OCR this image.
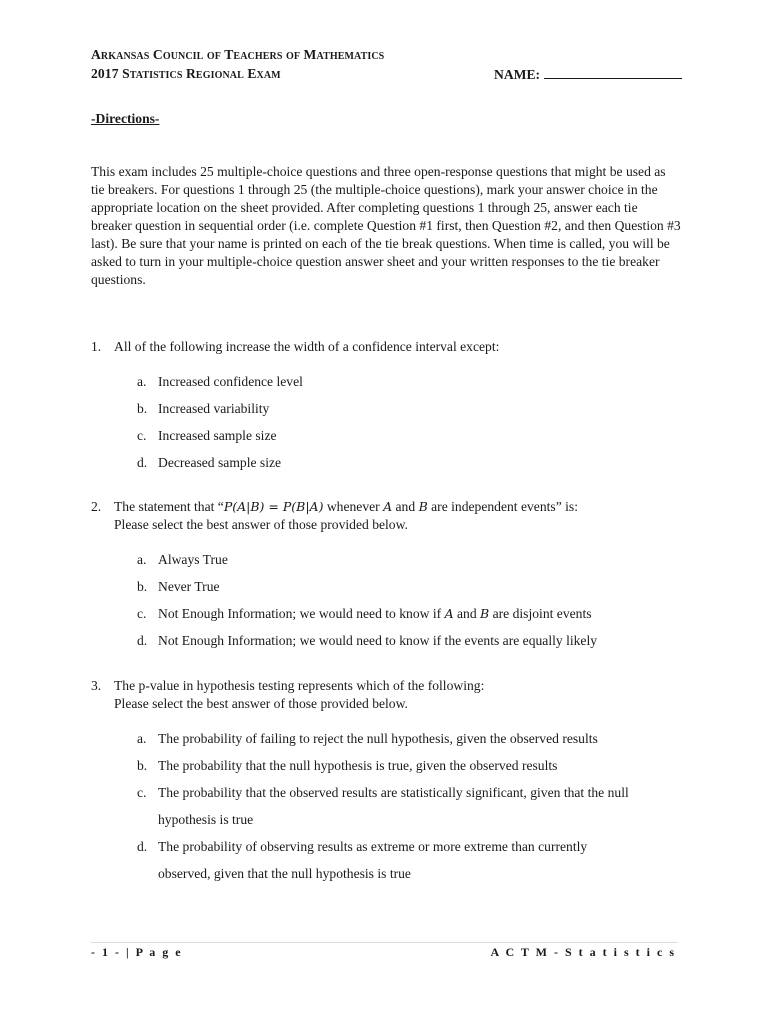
Arkansas Council of Teachers of Mathematics
2017 Statistics Regional Exam	NAME:
-Directions-
This exam includes 25 multiple-choice questions and three open-response questions that might be used as tie breakers. For questions 1 through 25 (the multiple-choice questions), mark your answer choice in the appropriate location on the sheet provided. After completing questions 1 through 25, answer each tie breaker question in sequential order (i.e. complete Question #1 first, then Question #2, and then Question #3 last). Be sure that your name is printed on each of the tie break questions. When time is called, you will be asked to turn in your multiple-choice question answer sheet and your written responses to the tie breaker questions.
1. All of the following increase the width of a confidence interval except:
a. Increased confidence level
b. Increased variability
c. Increased sample size
d. Decreased sample size
2. The statement that “P(A|B) = P(B|A) whenever A and B are independent events” is:
Please select the best answer of those provided below.
a. Always True
b. Never True
c. Not Enough Information; we would need to know if A and B are disjoint events
d. Not Enough Information; we would need to know if the events are equally likely
3. The p-value in hypothesis testing represents which of the following:
Please select the best answer of those provided below.
a. The probability of failing to reject the null hypothesis, given the observed results
b. The probability that the null hypothesis is true, given the observed results
c. The probability that the observed results are statistically significant, given that the null hypothesis is true
d. The probability of observing results as extreme or more extreme than currently observed, given that the null hypothesis is true
- 1 - | P a g e	A C T M - S t a t i s t i c s
